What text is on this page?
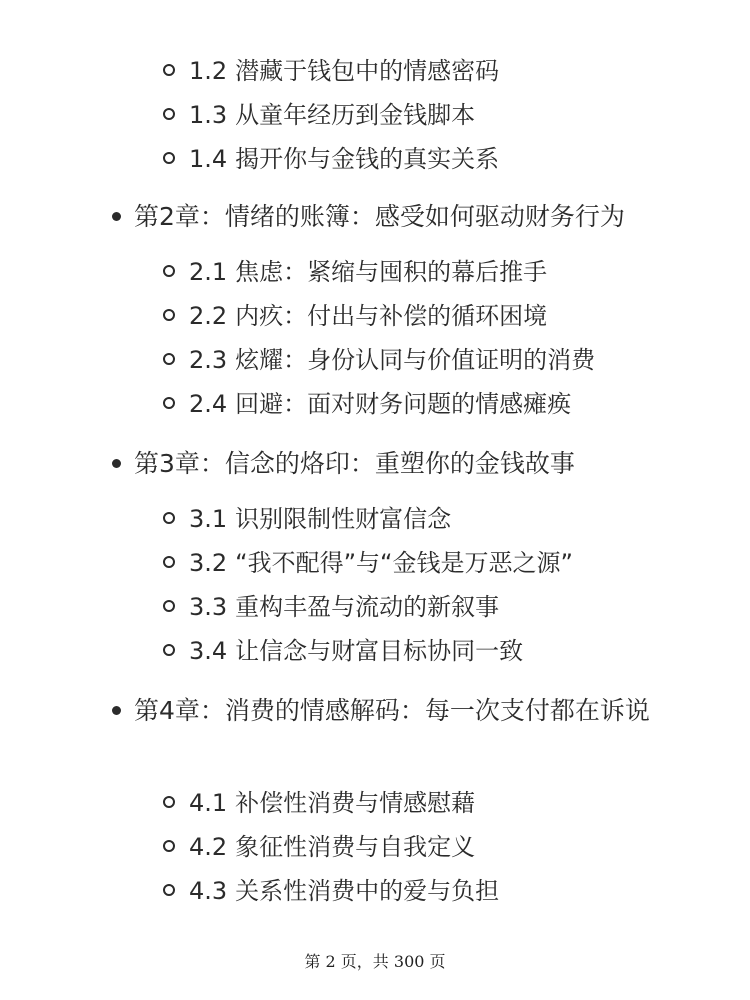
1.2 潜藏于钱包中的情感密码
1.3 从童年经历到金钱脚本
1.4 揭开你与金钱的真实关系
第2章：情绪的账簿：感受如何驱动财务行为
2.1 焦虑：紧缩与囤积的幕后推手
2.2 内疚：付出与补偿的循环困境
2.3 炫耀：身份认同与价值证明的消费
2.4 回避：面对财务问题的情感瘫痪
第3章：信念的烙印：重塑你的金钱故事
3.1 识别限制性财富信念
3.2 “我不配得”与“金钱是万恶之源”
3.3 重构丰盈与流动的新叙事
3.4 让信念与财富目标协同一致
第4章：消费的情感解码：每一次支付都在诉说
4.1 补偿性消费与情感慰藉
4.2 象征性消费与自我定义
4.3 关系性消费中的爱与负担
第 2 页，共 300 页
